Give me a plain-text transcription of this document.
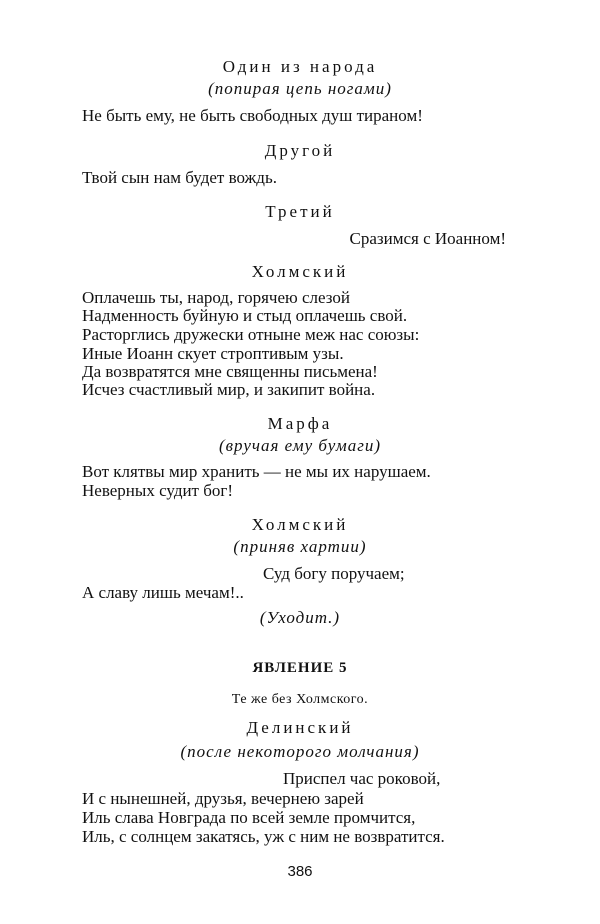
Один из народа
(попирая цепь ногами)
Не быть ему, не быть свободных душ тираном!
Другой
Твой сын нам будет вождь.
Третий
Сразимся с Иоанном!
Холмский
Оплачешь ты, народ, горячею слезой
Надменность буйную и стыд оплачешь свой.
Расторглись дружески отныне меж нас союзы:
Иные Иоанн скует строптивым узы.
Да возвратятся мне священны письмена!
Исчез счастливый мир, и закипит война.
Марфа
(вручая ему бумаги)
Вот клятвы мир хранить — не мы их нарушаем.
Неверных судит бог!
Холмский
(приняв хартии)
Суд богу поручаем;
А славу лишь мечам!..
(Уходит.)
ЯВЛЕНИЕ 5
Те же без Холмского.
Делинский
(после некоторого молчания)
Приспел час роковой,
И с нынешней, друзья, вечернею зарей
Иль слава Новграда по всей земле промчится,
Иль, с солнцем закатясь, уж с ним не возвратится.
386
